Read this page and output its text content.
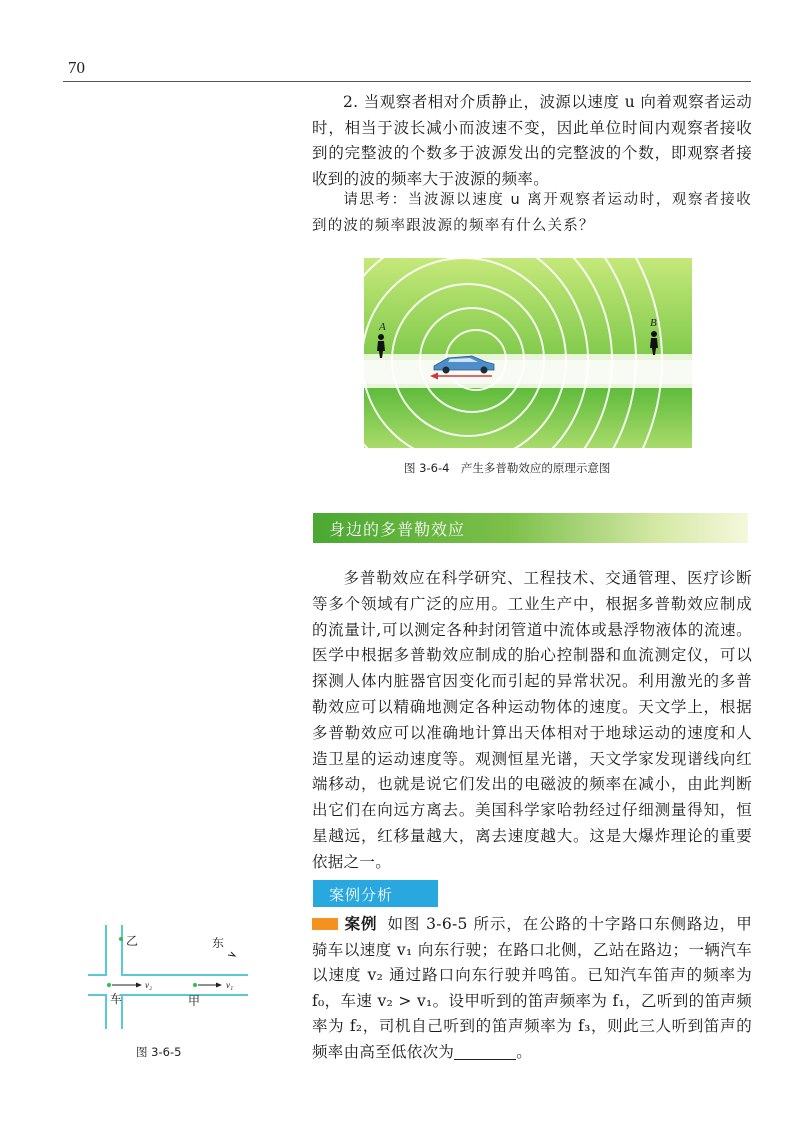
70
2. 当观察者相对介质静止，波源以速度 u 向着观察者运动时，相当于波长减小而波速不变，因此单位时间内观察者接收到的完整波的个数多于波源发出的完整波的个数，即观察者接收到的波的频率大于波源的频率。
请思考：当波源以速度 u 离开观察者运动时，观察者接收到的波的频率跟波源的频率有什么关系？
A	B
图 3-6-4　产生多普勒效应的原理示意图
身边的多普勒效应
多普勒效应在科学研究、工程技术、交通管理、医疗诊断等多个领域有广泛的应用。工业生产中，根据多普勒效应制成的流量计,可以测定各种封闭管道中流体或悬浮物液体的流速。医学中根据多普勒效应制成的胎心控制器和血流测定仪，可以探测人体内脏器官因变化而引起的异常状况。利用激光的多普勒效应可以精确地测定各种运动物体的速度。天文学上，根据多普勒效应可以准确地计算出天体相对于地球运动的速度和人造卫星的运动速度等。观测恒星光谱，天文学家发现谱线向红端移动，也就是说它们发出的电磁波的频率在减小，由此判断出它们在向远方离去。美国科学家哈勃经过仔细测量得知，恒星越远，红移量越大，离去速度越大。这是大爆炸理论的重要依据之一。
案例分析
案例 如图 3-6-5 所示，在公路的十字路口东侧路边，甲骑车以速度 v₁ 向东行驶；在路口北侧，乙站在路边；一辆汽车以速度 v₂ 通过路口向东行驶并鸣笛。已知汽车笛声的频率为 f₀，车速 v₂ > v₁。设甲听到的笛声频率为 f₁，乙听到的笛声频率为 f₂，司机自己听到的笛声频率为 f₃，则此三人听到笛声的频率由高至低依次为	。
乙	东
v₂
车
v₁
甲
图 3-6-5
